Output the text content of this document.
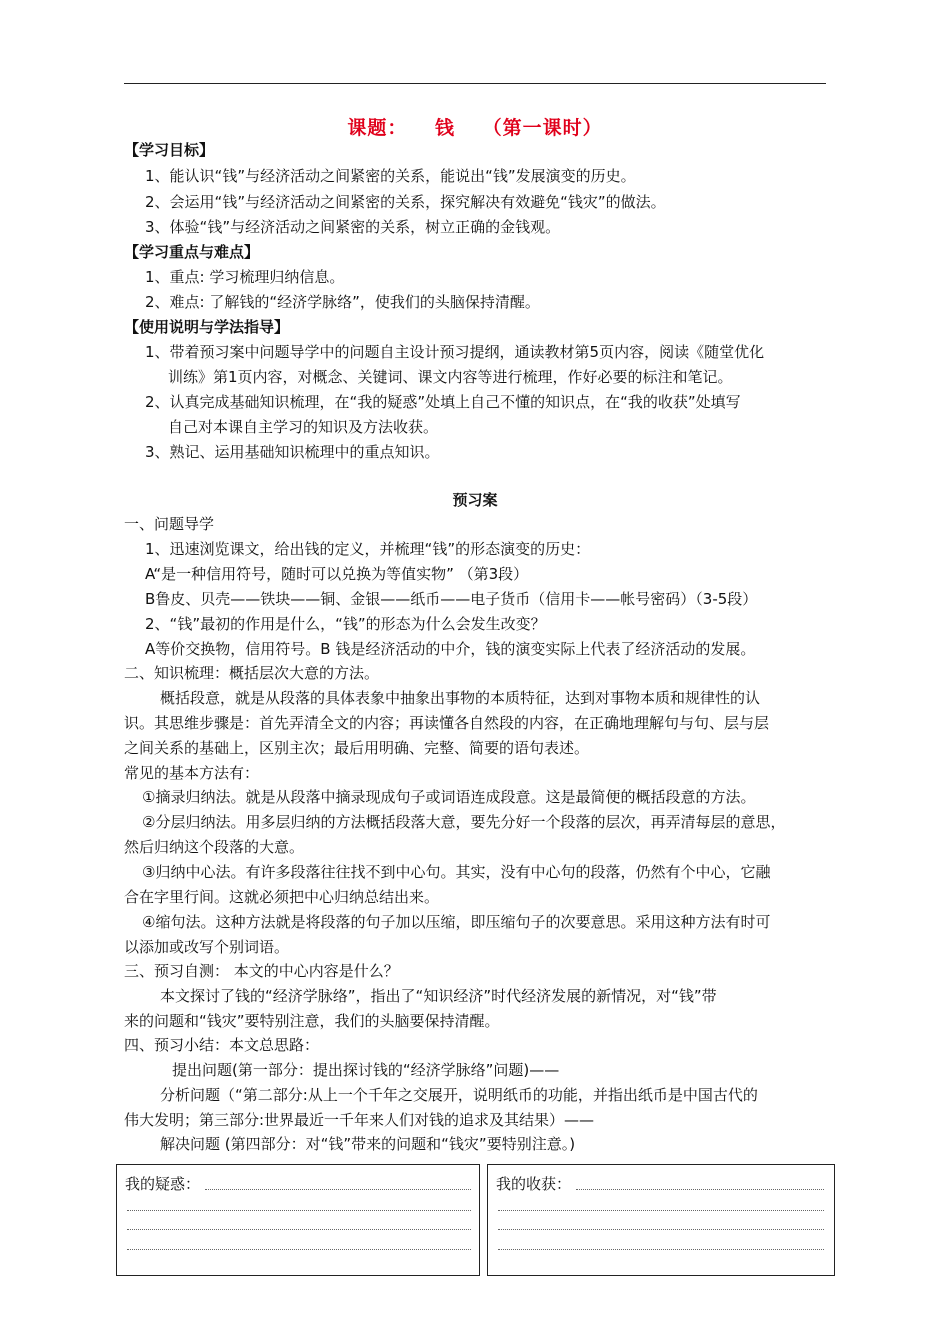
课题： 钱 （第一课时）
【学习目标】
1、能认识“钱”与经济活动之间紧密的关系，能说出“钱”发展演变的历史。
2、会运用“钱”与经济活动之间紧密的关系，探究解决有效避免“钱灾”的做法。
3、体验“钱”与经济活动之间紧密的关系，树立正确的金钱观。
【学习重点与难点】
1、重点: 学习梳理归纳信息。
2、难点: 了解钱的“经济学脉络”，使我们的头脑保持清醒。
【使用说明与学法指导】
1、带着预习案中问题导学中的问题自主设计预习提纲，通读教材第5页内容，阅读《随堂优化
训练》第1页内容，对概念、关键词、课文内容等进行梳理，作好必要的标注和笔记。
2、认真完成基础知识梳理，在“我的疑惑”处填上自己不懂的知识点，在“我的收获”处填写
自己对本课自主学习的知识及方法收获。
3、熟记、运用基础知识梳理中的重点知识。
预习案
一、问题导学
1、迅速浏览课文，给出钱的定义，并梳理“钱”的形态演变的历史：
A“是一种信用符号，随时可以兑换为等值实物” （第3段）
B鲁皮、贝壳——铁块——铜、金银——纸币——电子货币（信用卡——帐号密码）（3-5段）
2、“钱”最初的作用是什么，“钱”的形态为什么会发生改变？
A等价交换物，信用符号。B 钱是经济活动的中介，钱的演变实际上代表了经济活动的发展。
二、知识梳理：概括层次大意的方法。
概括段意，就是从段落的具体表象中抽象出事物的本质特征，达到对事物本质和规律性的认
识。其思维步骤是：首先弄清全文的内容；再读懂各自然段的内容，在正确地理解句与句、层与层
之间关系的基础上，区别主次；最后用明确、完整、简要的语句表述。
常见的基本方法有：
①摘录归纳法。就是从段落中摘录现成句子或词语连成段意。这是最简便的概括段意的方法。
②分层归纳法。用多层归纳的方法概括段落大意，要先分好一个段落的层次，再弄清每层的意思，
然后归纳这个段落的大意。
③归纳中心法。有许多段落往往找不到中心句。其实，没有中心句的段落，仍然有个中心，它融
合在字里行间。这就必须把中心归纳总结出来。
④缩句法。这种方法就是将段落的句子加以压缩，即压缩句子的次要意思。采用这种方法有时可
以添加或改写个别词语。
三、预习自测： 本文的中心内容是什么？
本文探讨了钱的“经济学脉络”，指出了“知识经济”时代经济发展的新情况，对“钱”带
来的问题和“钱灾”要特别注意，我们的头脑要保持清醒。
四、预习小结：本文总思路：
提出问题(第一部分：提出探讨钱的“经济学脉络”问题)——
分析问题（“第二部分:从上一个千年之交展开，说明纸币的功能，并指出纸币是中国古代的
伟大发明；第三部分:世界最近一千年来人们对钱的追求及其结果）——
解决问题 (第四部分：对“钱”带来的问题和“钱灾”要特别注意。)
我的疑惑：	我的收获：
